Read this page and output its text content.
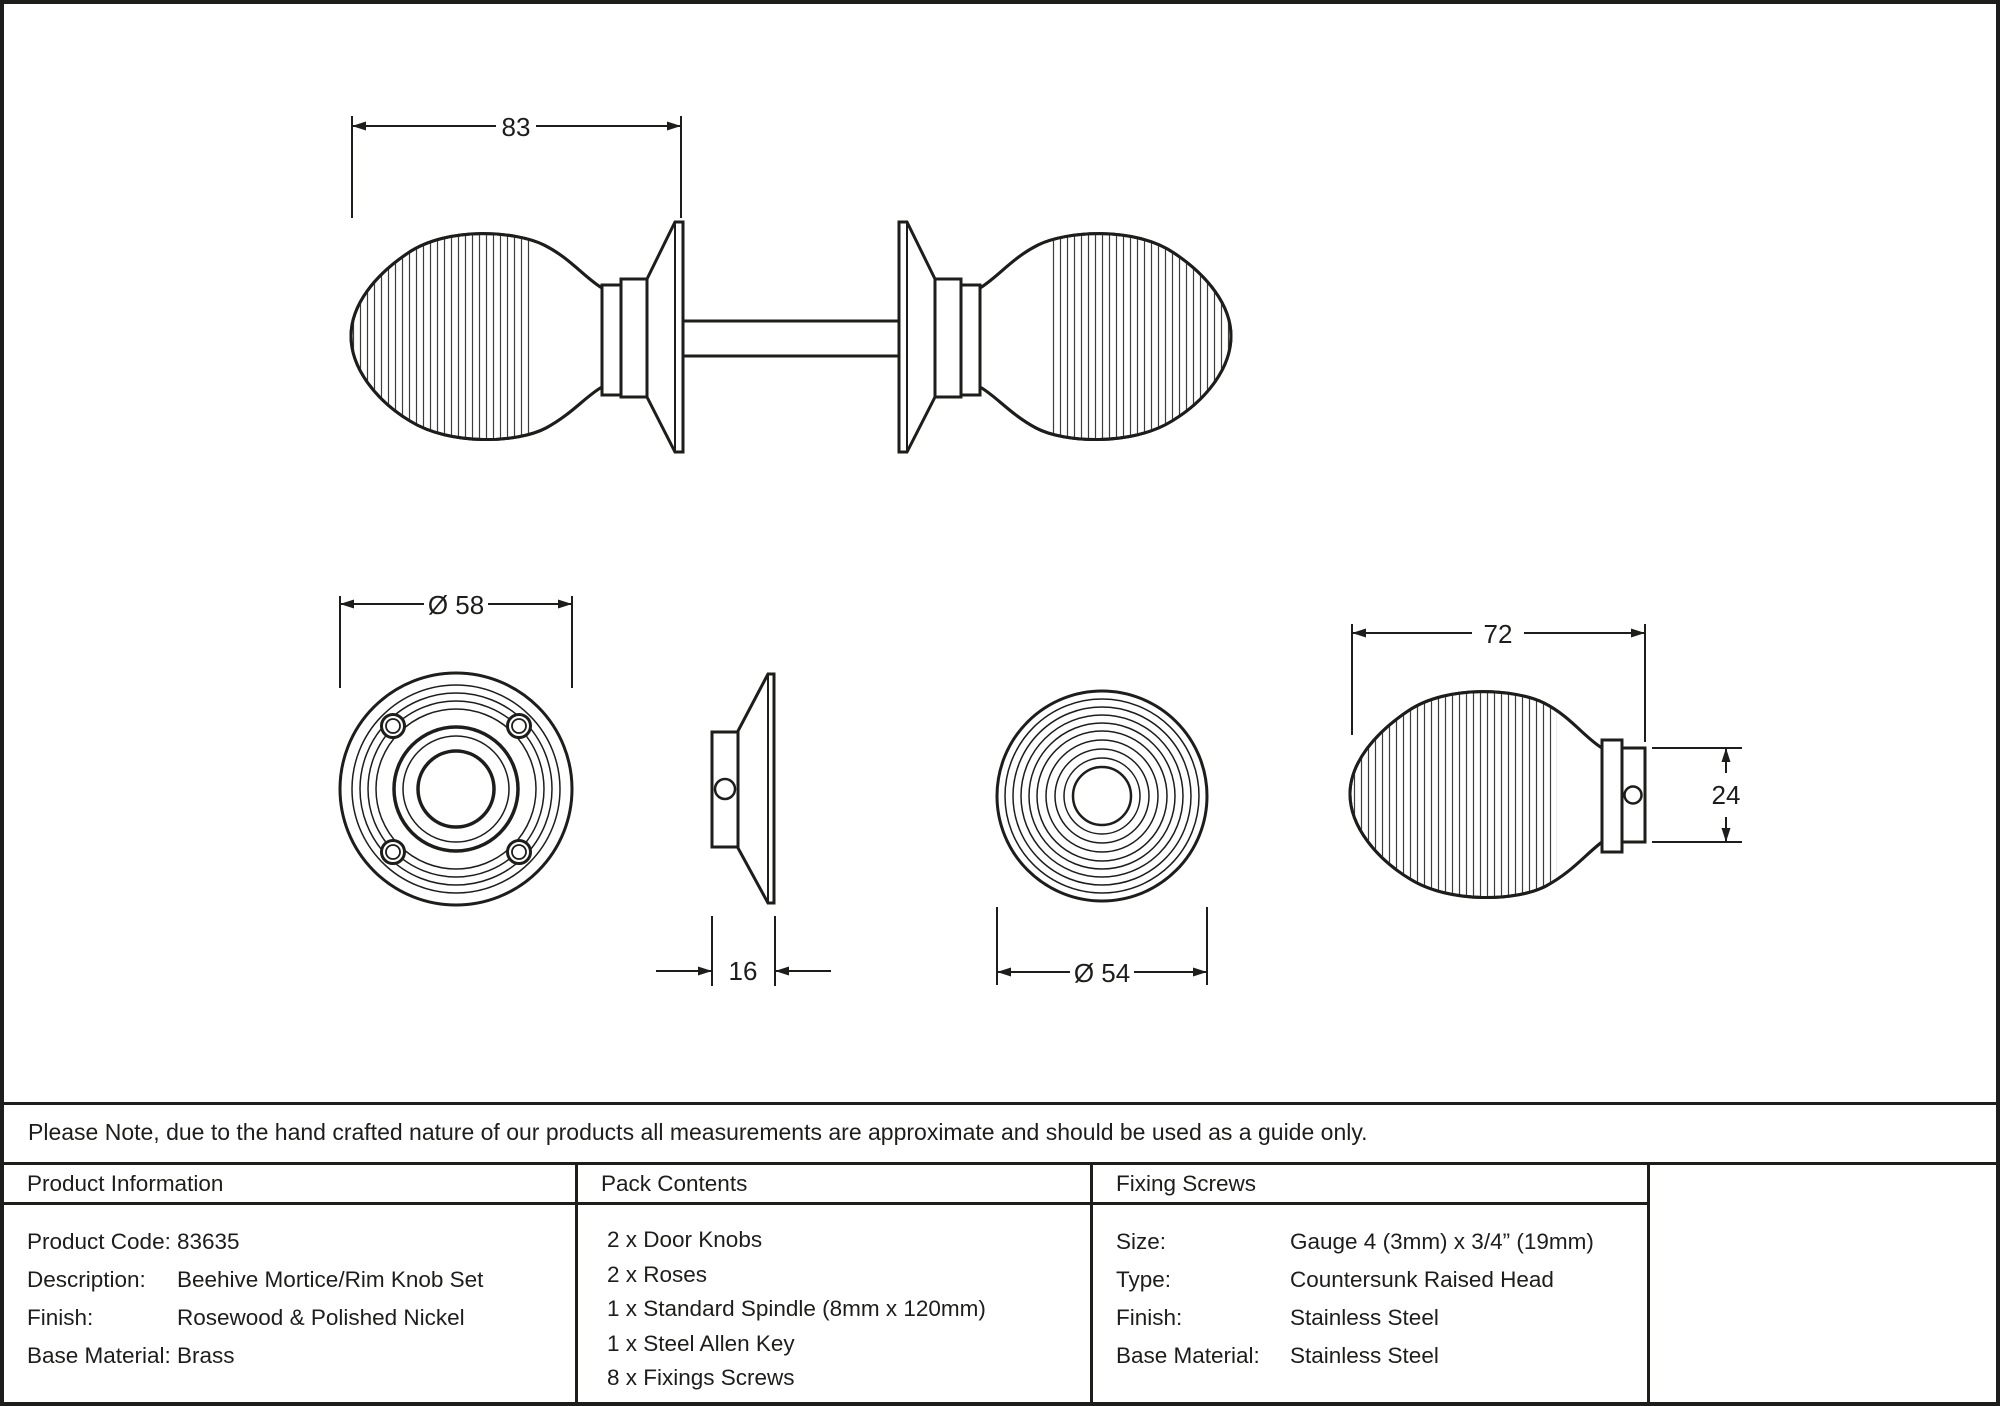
83
Ø 58
16	Ø 54
72
24
Please Note, due to the hand crafted nature of our products all measurements are approximate and should be used as a guide only.
Product Information
Product Code: 83635
Description:	Beehive Mortice/Rim Knob Set
Finish:	Rosewood & Polished Nickel
Base Material: Brass
Pack Contents
2 x Door Knobs
2 x Roses
1 x Standard Spindle (8mm x 120mm)
1 x Steel Allen Key
8 x Fixings Screws
Fixing Screws
Size:	Gauge 4 (3mm) x 3/4” (19mm)
Type:	Countersunk Raised Head
Finish:	Stainless Steel
Base Material:	Stainless Steel
